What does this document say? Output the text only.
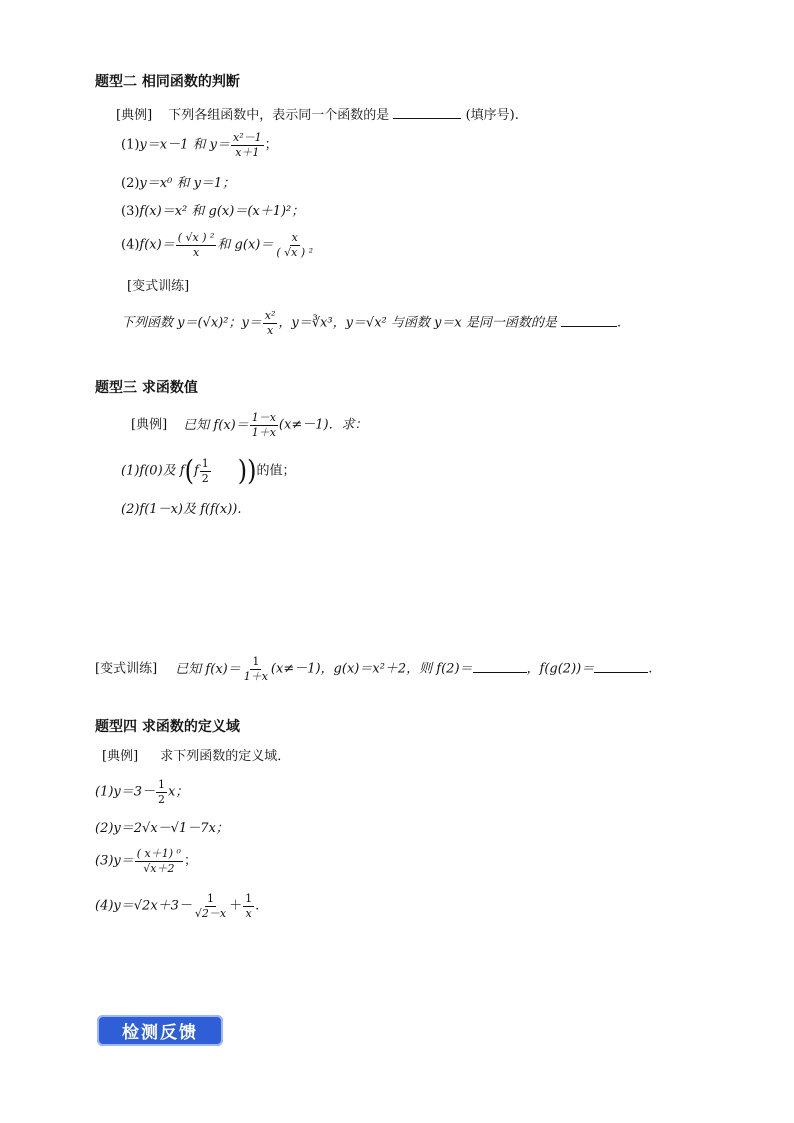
题型二 相同函数的判断
[典例] 下列各组函数中，表示同一个函数的是	(填序号).
(1)y＝x－1 和 $y= \frac{\text{x²－1}}{x+1}$ ；
(2)y＝x⁰ 和 y＝1；
(3)f(x)＝x² 和 g(x)＝(x＋1)²；
$(4)f(x)= \frac{\text{( √x ) ²}}{x}$ 和 $g(x)= \frac{x}{\text{( √x ) ²}}$
[变式训练]
下列函数 y＝(√x)²；$y= \frac{\text{x²}}{x}$ ，y＝∛x³，y＝√x² 与函数 y＝x 是同一函数的是	.
题型三 求函数值
[典例] 已知 $f(x)= \frac{1-x}{1+x} (x\ne-1)$．求：
(1)f(0)及 $f(f \frac{1}{2}$ ))的值；
(2)f(1－x)及 f(f(x)).
[变式训练] 已知 $f(x)= \frac{1}{1+x} (x\ne-1)$，g(x)＝x²＋2，则 f(2)＝	，f(g(2))＝	.
题型四 求函数的定义域
[典例] 求下列函数的定义域．
$(1)y=3- \frac{1}{2}$ x；
(2)y＝2√x－√1－7x；
$(3)y= \frac{\text{( x＋1) ⁰}}{√x+2}$ ；
$(4)y=√2x+3- \frac{1}{√2-x} + \frac{1}{x}$ .
检测反馈
